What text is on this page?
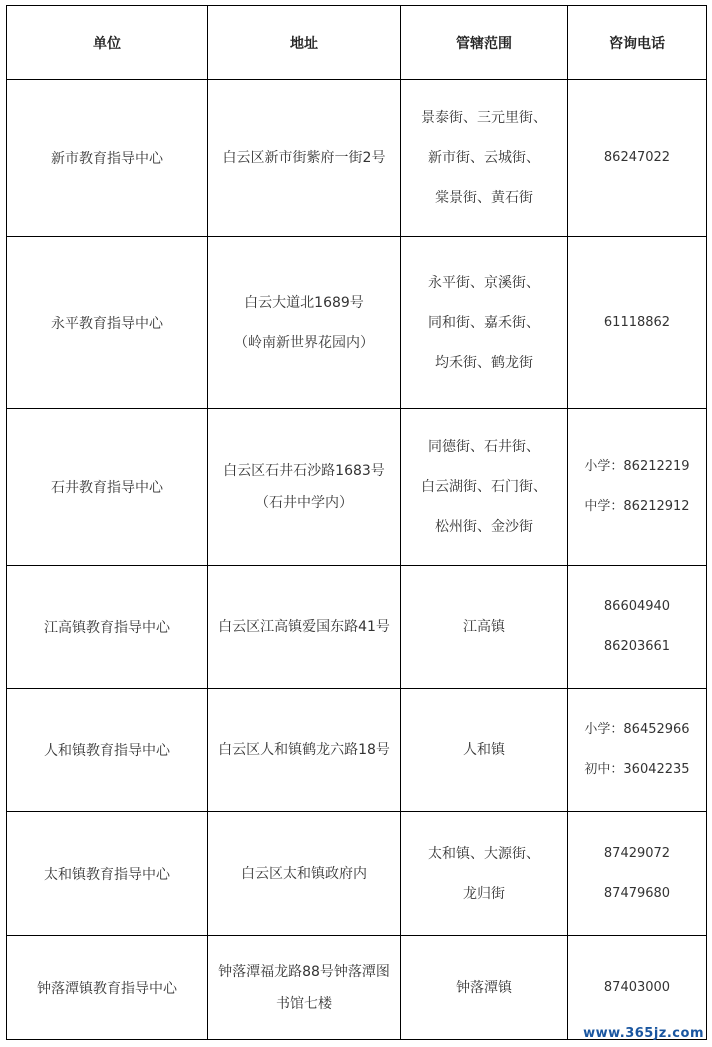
单位	地址	管辖范围	咨询电话
新市教育指导中心	白云区新市街紫府一街2号	景泰街、三元里街、
新市街、云城街、
棠景街、黄石街	86247022

永平教育指导中心	白云大道北1689号
（岭南新世界花园内）	永平街、京溪街、
同和街、嘉禾街、
均禾街、鹤龙街	61118862

石井教育指导中心	白云区石井石沙路1683号
（石井中学内）	同德街、石井街、
白云湖街、石门街、
松州街、金沙街	小学：86212219
中学：86212912

江高镇教育指导中心	白云区江高镇爱国东路41号	江高镇	86604940
86203661

人和镇教育指导中心	白云区人和镇鹤龙六路18号	人和镇	小学：86452966
初中：36042235

太和镇教育指导中心	白云区太和镇政府内	太和镇、大源街、
龙归街	87429072
87479680

钟落潭镇教育指导中心	钟落潭福龙路88号钟落潭图书馆七楼	钟落潭镇	87403000
www.365jz.com
